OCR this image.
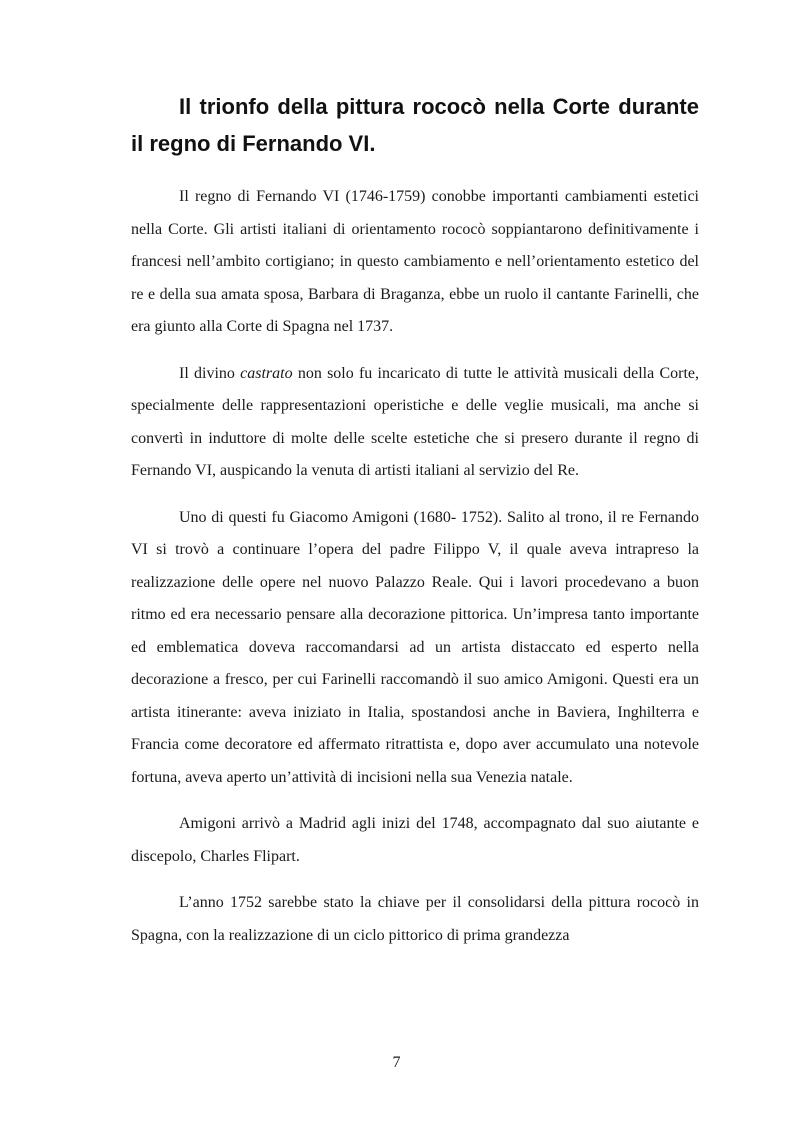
Il trionfo della pittura rococò nella Corte durante il regno di Fernando VI.

Il regno di Fernando VI (1746-1759) conobbe importanti cambiamenti estetici nella Corte. Gli artisti italiani di orientamento rococò soppiantarono definitivamente i francesi nell’ambito cortigiano; in questo cambiamento e nell’orientamento estetico del re e della sua amata sposa, Barbara di Braganza, ebbe un ruolo il cantante Farinelli, che era giunto alla Corte di Spagna nel 1737.

Il divino castrato non solo fu incaricato di tutte le attività musicali della Corte, specialmente delle rappresentazioni operistiche e delle veglie musicali, ma anche si convertì in induttore di molte delle scelte estetiche che si presero durante il regno di Fernando VI, auspicando la venuta di artisti italiani al servizio del Re.

Uno di questi fu Giacomo Amigoni (1680- 1752). Salito al trono, il re Fernando VI si trovò a continuare l’opera del padre Filippo V, il quale aveva intrapreso la realizzazione delle opere nel nuovo Palazzo Reale. Qui i lavori procedevano a buon ritmo ed era necessario pensare alla decorazione pittorica. Un’impresa tanto importante ed emblematica doveva raccomandarsi ad un artista distaccato ed esperto nella decorazione a fresco, per cui Farinelli raccomandò il suo amico Amigoni. Questi era un artista itinerante: aveva iniziato in Italia, spostandosi anche in Baviera, Inghilterra e Francia come decoratore ed affermato ritrattista e, dopo aver accumulato una notevole fortuna, aveva aperto un’attività di incisioni nella sua Venezia natale.

Amigoni arrivò a Madrid agli inizi del 1748, accompagnato dal suo aiutante e discepolo, Charles Flipart.

L’anno 1752 sarebbe stato la chiave per il consolidarsi della pittura rococò in Spagna, con la realizzazione di un ciclo pittorico di prima grandezza

7
